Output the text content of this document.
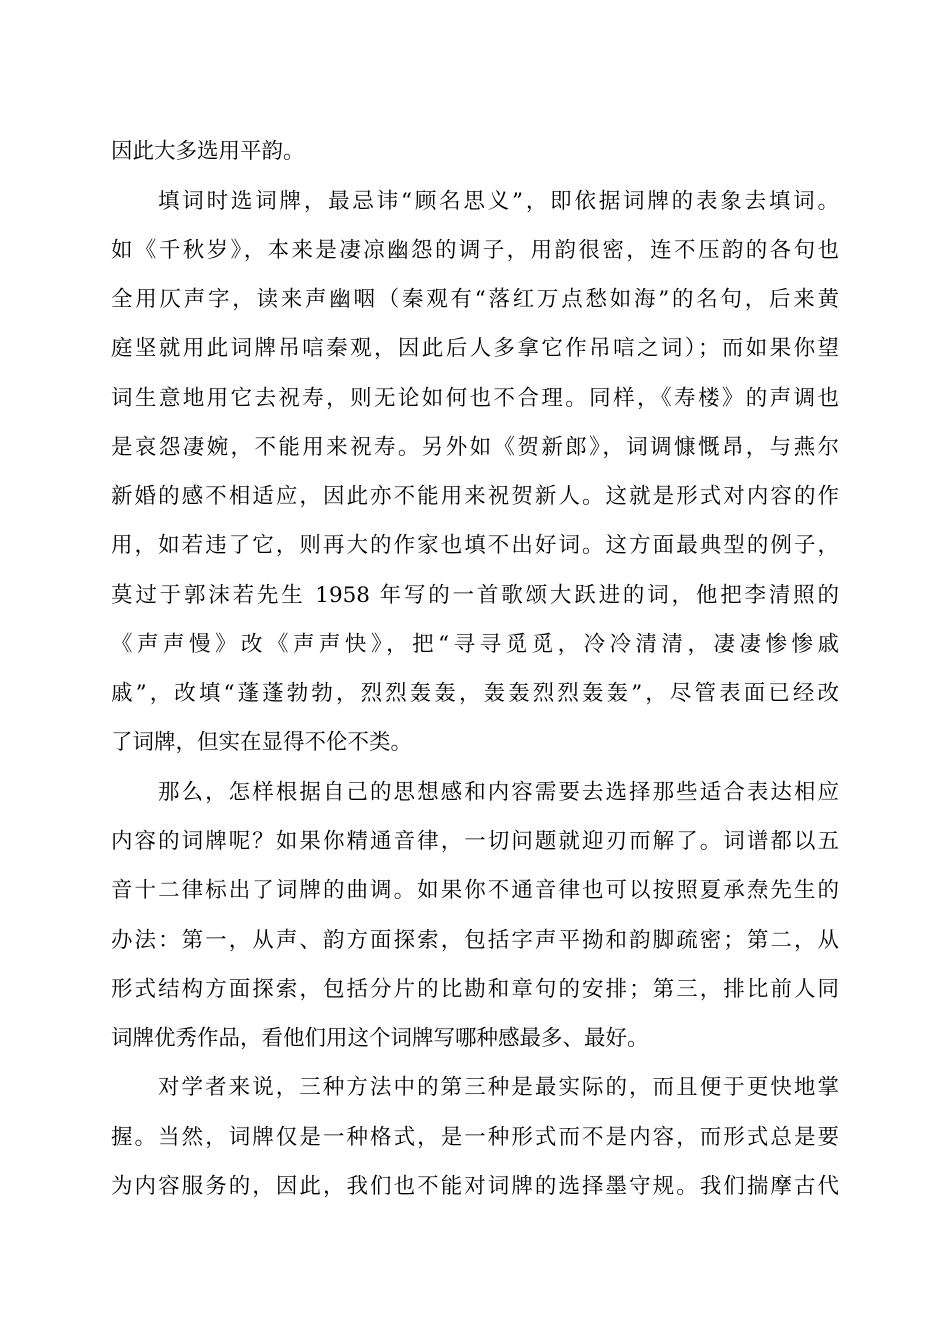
因此大多选用平韵。
填词时选词牌，最忌讳“顾名思义”，即依据词牌的表象去填词。
如《千秋岁》，本来是凄凉幽怨的调子，用韵很密，连不压韵的各句也
全用仄声字，读来声幽咽（秦观有“落红万点愁如海”的名句，后来黄
庭坚就用此词牌吊唁秦观，因此后人多拿它作吊唁之词）；而如果你望
词生意地用它去祝寿，则无论如何也不合理。同样，《寿楼》的声调也
是哀怨凄婉，不能用来祝寿。另外如《贺新郎》，词调慷慨昂，与燕尔
新婚的感不相适应，因此亦不能用来祝贺新人。这就是形式对内容的作
用，如若违了它，则再大的作家也填不出好词。这方面最典型的例子，
莫过于郭沫若先生 1958 年写的一首歌颂大跃进的词，他把李清照的
《声声慢》改《声声快》，把“寻寻觅觅，冷冷清清，凄凄惨惨戚
戚”，改填“蓬蓬勃勃，烈烈轰轰，轰轰烈烈轰轰”，尽管表面已经改
了词牌，但实在显得不伦不类。
那么，怎样根据自己的思想感和内容需要去选择那些适合表达相应
内容的词牌呢？如果你精通音律，一切问题就迎刃而解了。词谱都以五
音十二律标出了词牌的曲调。如果你不通音律也可以按照夏承焘先生的
办法：第一，从声、韵方面探索，包括字声平拗和韵脚疏密；第二，从
形式结构方面探索，包括分片的比勘和章句的安排；第三，排比前人同
词牌优秀作品，看他们用这个词牌写哪种感最多、最好。
对学者来说，三种方法中的第三种是最实际的，而且便于更快地掌
握。当然，词牌仅是一种格式，是一种形式而不是内容，而形式总是要
为内容服务的，因此，我们也不能对词牌的选择墨守规。我们揣摩古代
